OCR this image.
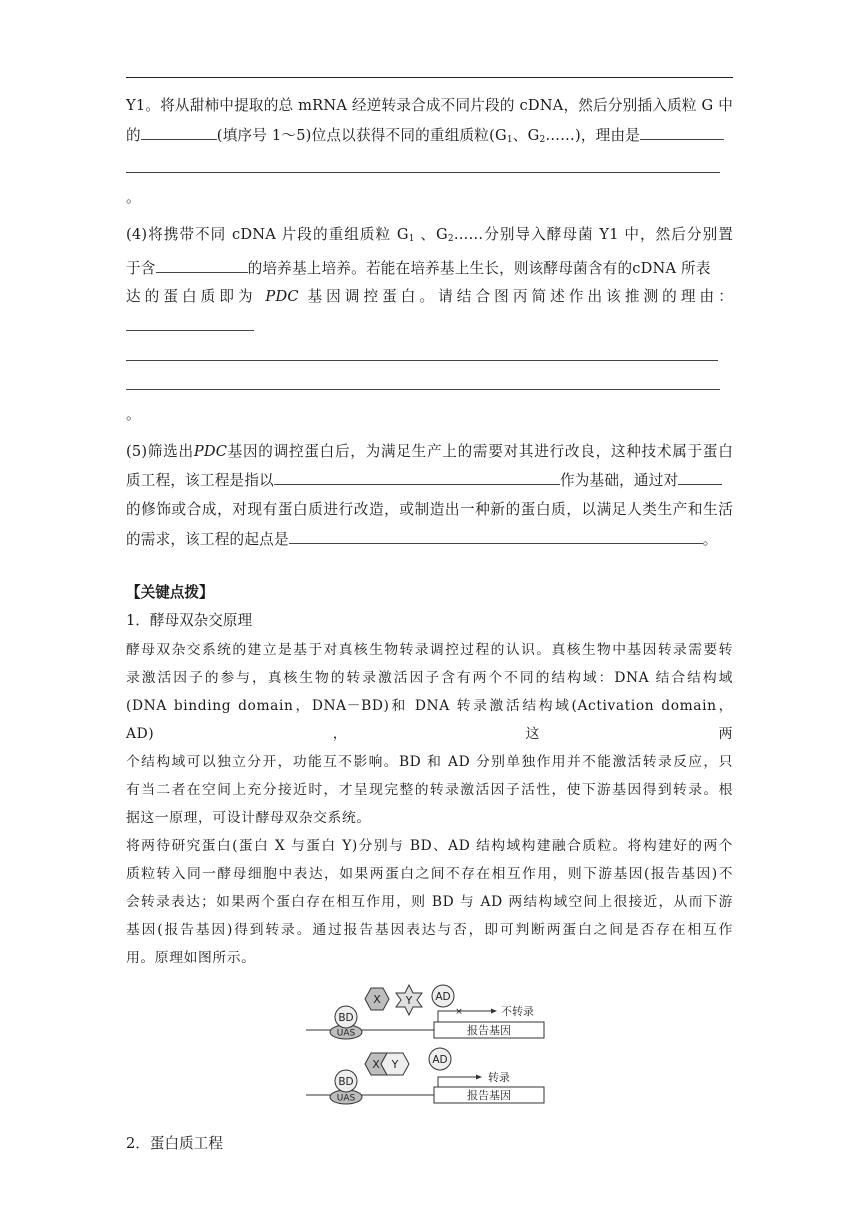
Y1。将从甜柿中提取的总 mRNA 经逆转录合成不同片段的 cDNA，然后分别插入质粒 G 中

的	(填序号 1～5)位点以获得不同的重组质粒($G_1$、$G_2\dots\dots$)，理由是

。

(4)将携带不同 cDNA 片段的重组质粒 $G_1$ 、$G_2\dots\dots$分别导入酵母菌 Y1 中，然后分别置

于含	的培养基上培养。若能在培养基上生长，则该酵母菌含有的cDNA 所表

达的蛋白质即为 PDC 基因调控蛋白。请结合图丙简述作出该推测的理由：

。

(5)筛选出PDC基因的调控蛋白后，为满足生产上的需要对其进行改良，这种技术属于蛋白

质工程，该工程是指以	作为基础，通过对

的修饰或合成，对现有蛋白质进行改造，或制造出一种新的蛋白质，以满足人类生产和生活

的需求，该工程的起点是	。

【关键点拨】

1．酵母双杂交原理

酵母双杂交系统的建立是基于对真核生物转录调控过程的认识。真核生物中基因转录需要转

录激活因子的参与，真核生物的转录激活因子含有两个不同的结构域：DNA 结合结构域

(DNA binding domain，DNA－BD)和 DNA 转录激活结构域(Activation domain，AD)，这两

个结构域可以独立分开，功能互不影响。BD 和 AD 分别单独作用并不能激活转录反应，只

有当二者在空间上充分接近时，才呈现完整的转录激活因子活性，使下游基因得到转录。根

据这一原理，可设计酵母双杂交系统。

将两待研究蛋白(蛋白 X 与蛋白 Y)分别与 BD、AD 结构域构建融合质粒。将构建好的两个

质粒转入同一酵母细胞中表达，如果两蛋白之间不存在相互作用，则下游基因(报告基因)不

会转录表达；如果两个蛋白存在相互作用，则 BD 与 AD 两结构域空间上很接近，从而下游

基因(报告基因)得到转录。通过报告基因表达与否，即可判断两蛋白之间是否存在相互作

用。原理如图所示。

报告基因
UAS
BD
X Y AD
×	不转录
报告基因
UAS
BD
X Y	AD
转录

2．蛋白质工程
